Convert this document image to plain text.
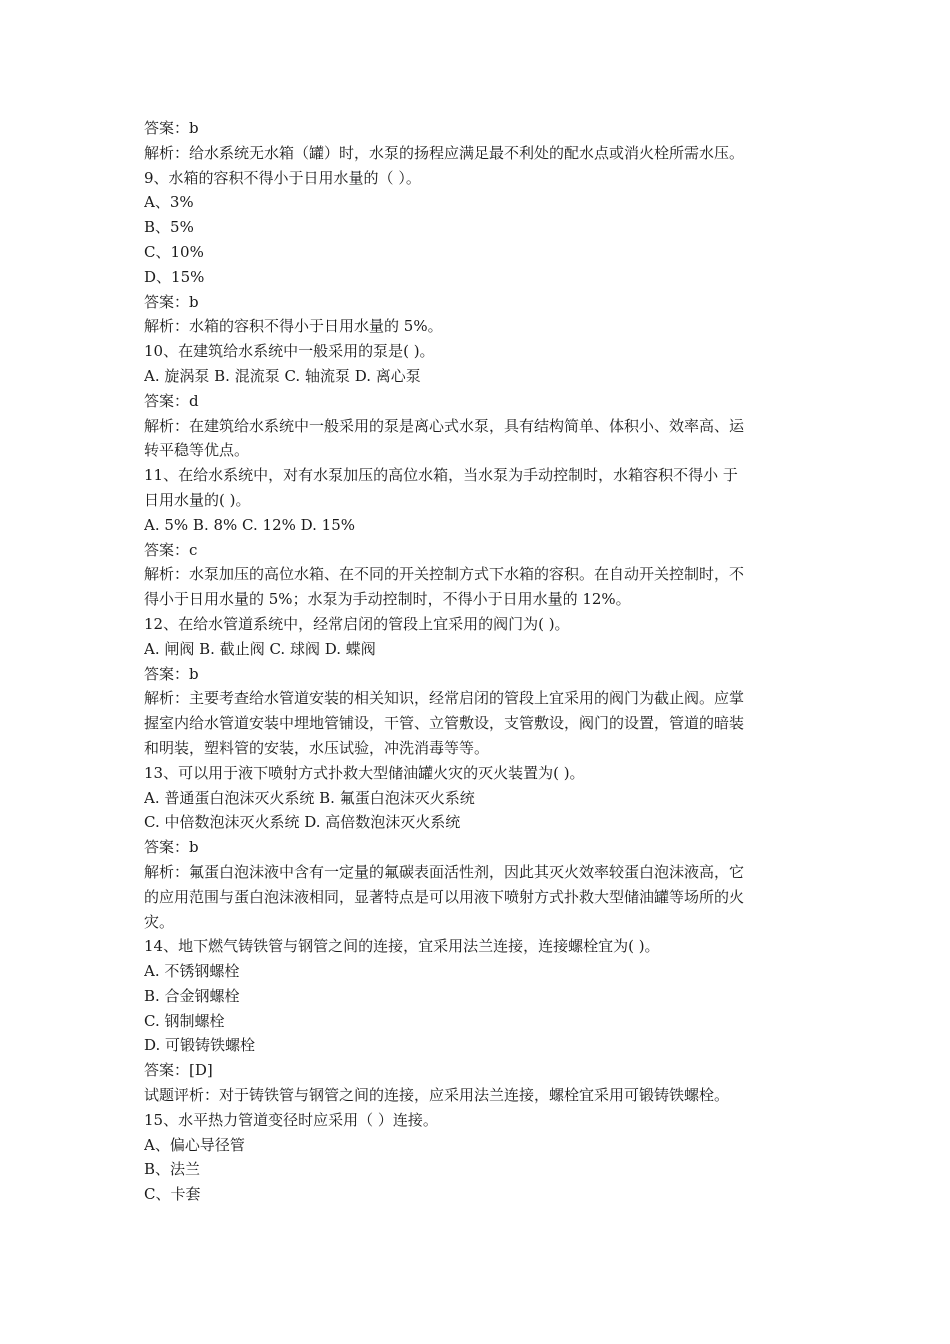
答案：b
解析：给水系统无水箱（罐）时，水泵的扬程应满足最不利处的配水点或消火栓所需水压。
9、水箱的容积不得小于日用水量的（ ）。
A、3%
B、5%
C、10%
D、15%
答案：b
解析：水箱的容积不得小于日用水量的 5%。
10、在建筑给水系统中一般采用的泵是( )。
A. 旋涡泵 B. 混流泵 C. 轴流泵 D. 离心泵
答案：d
解析：在建筑给水系统中一般采用的泵是离心式水泵，具有结构简单、体积小、效率高、运
转平稳等优点。
11、在给水系统中，对有水泵加压的高位水箱，当水泵为手动控制时，水箱容积不得小 于
日用水量的( )。
A. 5% B. 8% C. 12% D. 15%
答案：c
解析：水泵加压的高位水箱、在不同的开关控制方式下水箱的容积。在自动开关控制时，不
得小于日用水量的 5%；水泵为手动控制时，不得小于日用水量的 12%。
12、在给水管道系统中，经常启闭的管段上宜采用的阀门为( )。
A. 闸阀 B. 截止阀 C. 球阀 D. 蝶阀
答案：b
解析：主要考查给水管道安装的相关知识，经常启闭的管段上宜采用的阀门为截止阀。应掌
握室内给水管道安装中埋地管铺设，干管、立管敷设，支管敷设，阀门的设置，管道的暗装
和明装，塑料管的安装，水压试验，冲洗消毒等等。
13、可以用于液下喷射方式扑救大型储油罐火灾的灭火装置为( )。
A. 普通蛋白泡沫灭火系统 B. 氟蛋白泡沫灭火系统
C. 中倍数泡沫灭火系统 D. 高倍数泡沫灭火系统
答案：b
解析：氟蛋白泡沫液中含有一定量的氟碳表面活性剂，因此其灭火效率较蛋白泡沫液高，它
的应用范围与蛋白泡沫液相同，显著特点是可以用液下喷射方式扑救大型储油罐等场所的火
灾。
14、地下燃气铸铁管与钢管之间的连接，宜采用法兰连接，连接螺栓宜为( )。
A. 不锈钢螺栓
B. 合金钢螺栓
C. 钢制螺栓
D. 可锻铸铁螺栓
答案：[D]
试题评析：对于铸铁管与钢管之间的连接，应采用法兰连接，螺栓宜采用可锻铸铁螺栓。
15、水平热力管道变径时应采用（ ）连接。
A、偏心导径管
B、法兰
C、卡套
